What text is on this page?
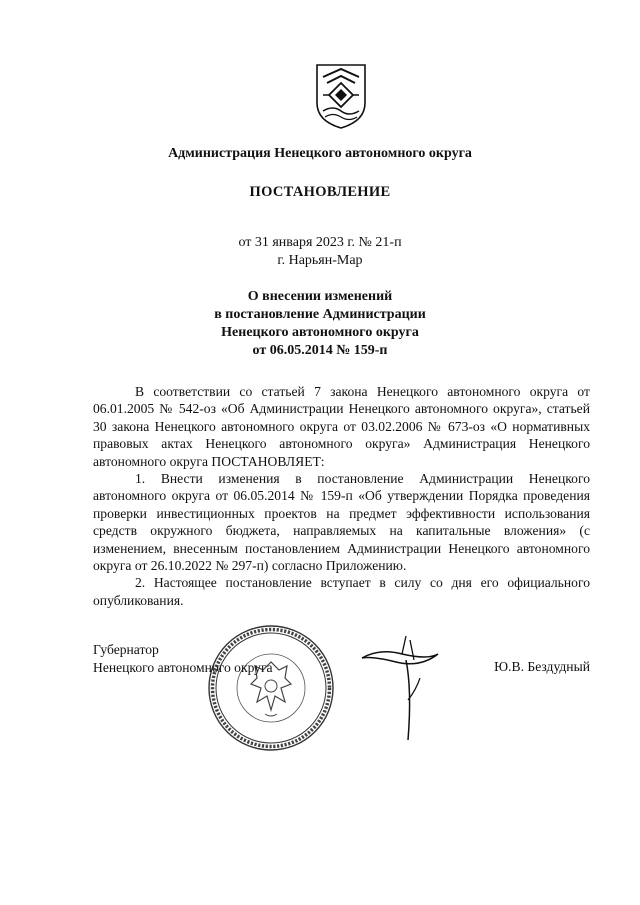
Администрация Ненецкого автономного округа
ПОСТАНОВЛЕНИЕ
от 31 января 2023 г. № 21-п
г. Нарьян-Мар
О внесении изменений
в постановление Администрации
Ненецкого автономного округа
от 06.05.2014 № 159-п

В соответствии со статьей 7 закона Ненецкого автономного округа от 06.01.2005 № 542-оз «Об Администрации Ненецкого автономного округа», статьей 30 закона Ненецкого автономного округа от 03.02.2006 № 673-оз «О нормативных правовых актах Ненецкого автономного округа» Администрация Ненецкого автономного округа ПОСТАНОВЛЯЕТ:

1. Внести изменения в постановление Администрации Ненецкого автономного округа от 06.05.2014 № 159-п «Об утверждении Порядка проведения проверки инвестиционных проектов на предмет эффективности использования средств окружного бюджета, направляемых на капитальные вложения» (с изменением, внесенным постановлением Администрации Ненецкого автономного округа от 26.10.2022 № 297-п) согласно Приложению.

2. Настоящее постановление вступает в силу со дня его официального опубликования.

Губернатор
Ненецкого автономного округа	Ю.В. Бездудный
